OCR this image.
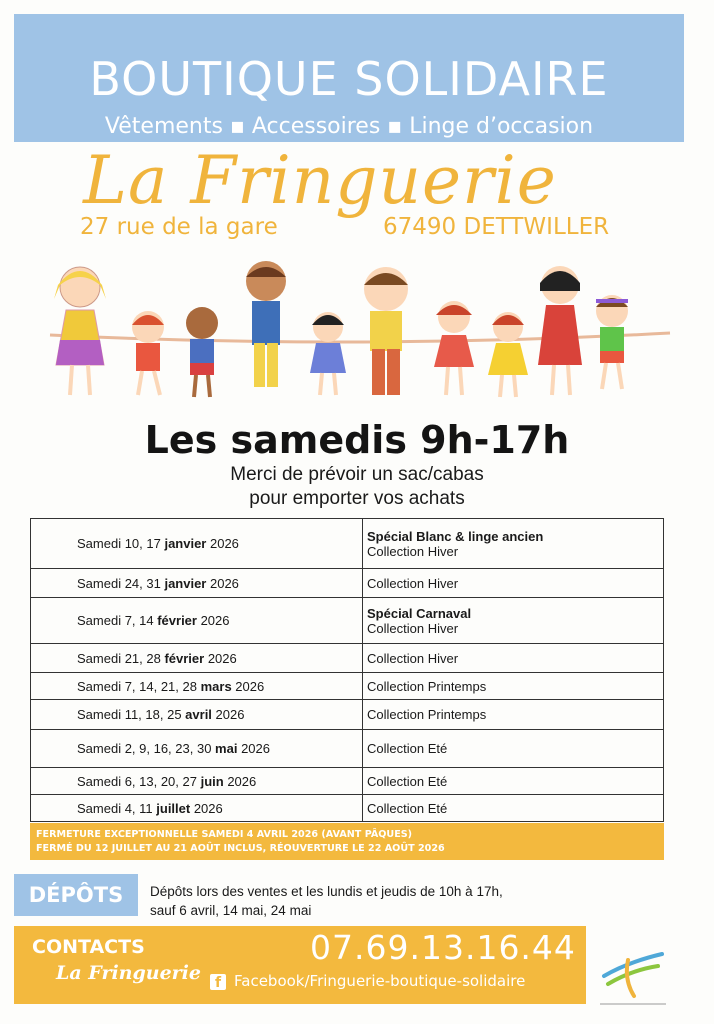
BOUTIQUE SOLIDAIRE
Vêtements ▪ Accessoires ▪ Linge d’occasion
La Fringuerie
27 rue de la gare	67490 DETTWILLER
Les samedis 9h-17h
Merci de prévoir un sac/cabas
pour emporter vos achats
Samedi 10, 17 janvier 2026	Spécial Blanc & linge ancien
Collection Hiver
Samedi 24, 31 janvier 2026	Collection Hiver
Samedi 7, 14 février 2026	Spécial Carnaval
Collection Hiver
Samedi 21, 28 février 2026	Collection Hiver
Samedi 7, 14, 21, 28 mars 2026	Collection Printemps
Samedi 11, 18, 25 avril 2026	Collection Printemps
Samedi 2, 9, 16, 23, 30 mai 2026	Collection Eté
Samedi 6, 13, 20, 27 juin 2026	Collection Eté
Samedi 4, 11 juillet 2026	Collection Eté
FERMETURE EXCEPTIONNELLE SAMEDI 4 AVRIL 2026 (AVANT PÂQUES)
FERMÉ DU 12 JUILLET AU 21 AOÛT INCLUS, RÉOUVERTURE LE 22 AOÛT 2026
DÉPÔTS	Dépôts lors des ventes et les lundis et jeudis de 10h à 17h,
sauf 6 avril, 14 mai, 24 mai
CONTACTS
La Fringuerie
07.69.13.16.44
f Facebook/Fringuerie-boutique-solidaire
